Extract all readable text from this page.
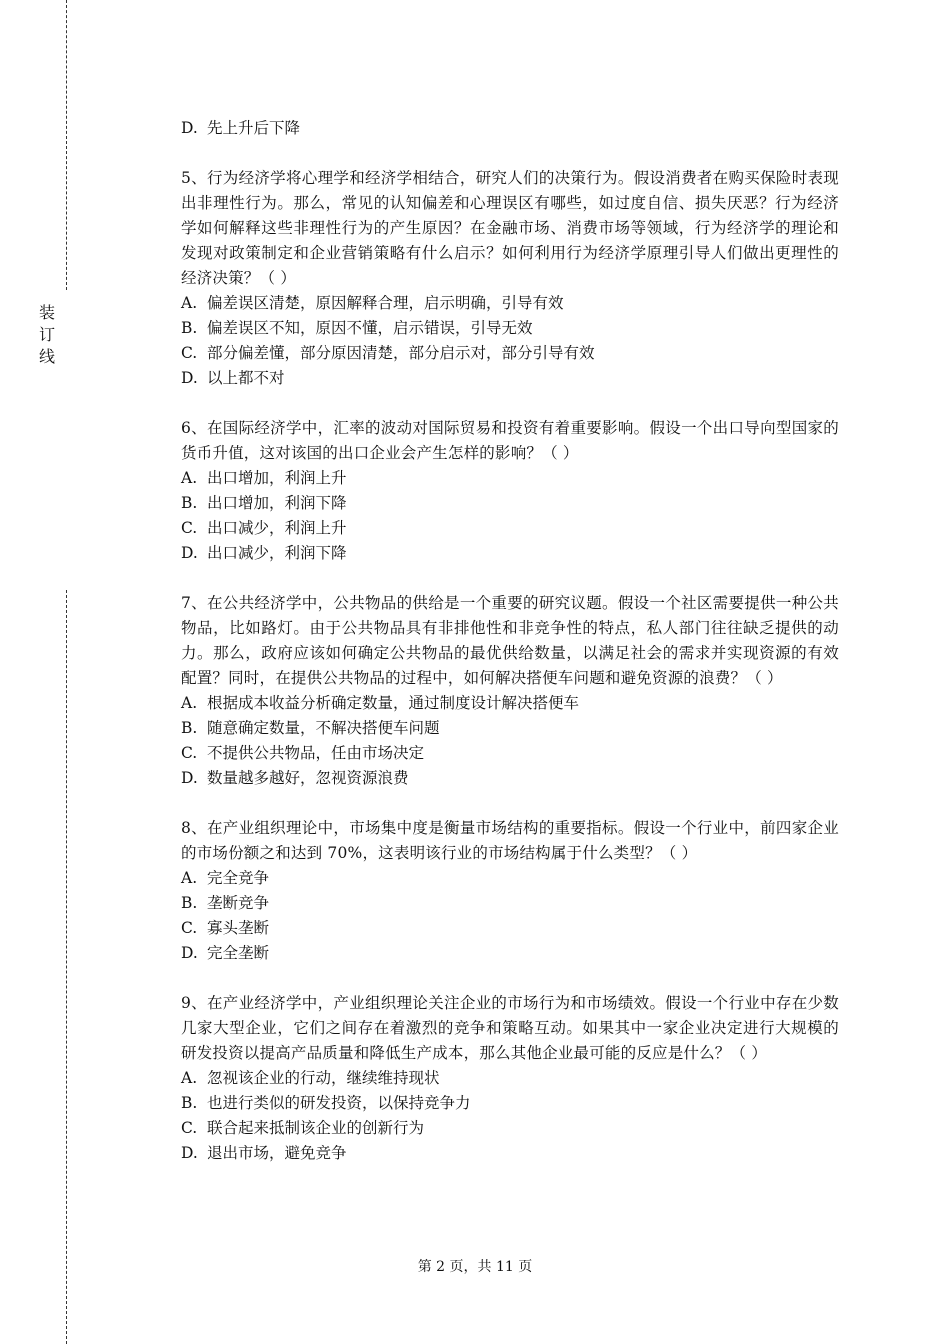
装
订
线
D. 先上升后下降
5、行为经济学将心理学和经济学相结合，研究人们的决策行为。假设消费者在购买保险时表现出非理性行为。那么，常见的认知偏差和心理误区有哪些，如过度自信、损失厌恶？行为经济学如何解释这些非理性行为的产生原因？在金融市场、消费市场等领域，行为经济学的理论和发现对政策制定和企业营销策略有什么启示？如何利用行为经济学原理引导人们做出更理性的经济决策？（ ）
A. 偏差误区清楚，原因解释合理，启示明确，引导有效
B. 偏差误区不知，原因不懂，启示错误，引导无效
C. 部分偏差懂，部分原因清楚，部分启示对，部分引导有效
D. 以上都不对
6、在国际经济学中，汇率的波动对国际贸易和投资有着重要影响。假设一个出口导向型国家的货币升值，这对该国的出口企业会产生怎样的影响？（ ）
A. 出口增加，利润上升
B. 出口增加，利润下降
C. 出口减少，利润上升
D. 出口减少，利润下降
7、在公共经济学中，公共物品的供给是一个重要的研究议题。假设一个社区需要提供一种公共物品，比如路灯。由于公共物品具有非排他性和非竞争性的特点，私人部门往往缺乏提供的动力。那么，政府应该如何确定公共物品的最优供给数量，以满足社会的需求并实现资源的有效配置？同时，在提供公共物品的过程中，如何解决搭便车问题和避免资源的浪费？（ ）
A. 根据成本收益分析确定数量，通过制度设计解决搭便车
B. 随意确定数量，不解决搭便车问题
C. 不提供公共物品，任由市场决定
D. 数量越多越好，忽视资源浪费
8、在产业组织理论中，市场集中度是衡量市场结构的重要指标。假设一个行业中，前四家企业的市场份额之和达到 70%，这表明该行业的市场结构属于什么类型？（ ）
A. 完全竞争
B. 垄断竞争
C. 寡头垄断
D. 完全垄断
9、在产业经济学中，产业组织理论关注企业的市场行为和市场绩效。假设一个行业中存在少数几家大型企业，它们之间存在着激烈的竞争和策略互动。如果其中一家企业决定进行大规模的研发投资以提高产品质量和降低生产成本，那么其他企业最可能的反应是什么？（ ）
A. 忽视该企业的行动，继续维持现状
B. 也进行类似的研发投资，以保持竞争力
C. 联合起来抵制该企业的创新行为
D. 退出市场，避免竞争
第 2 页，共 11 页
